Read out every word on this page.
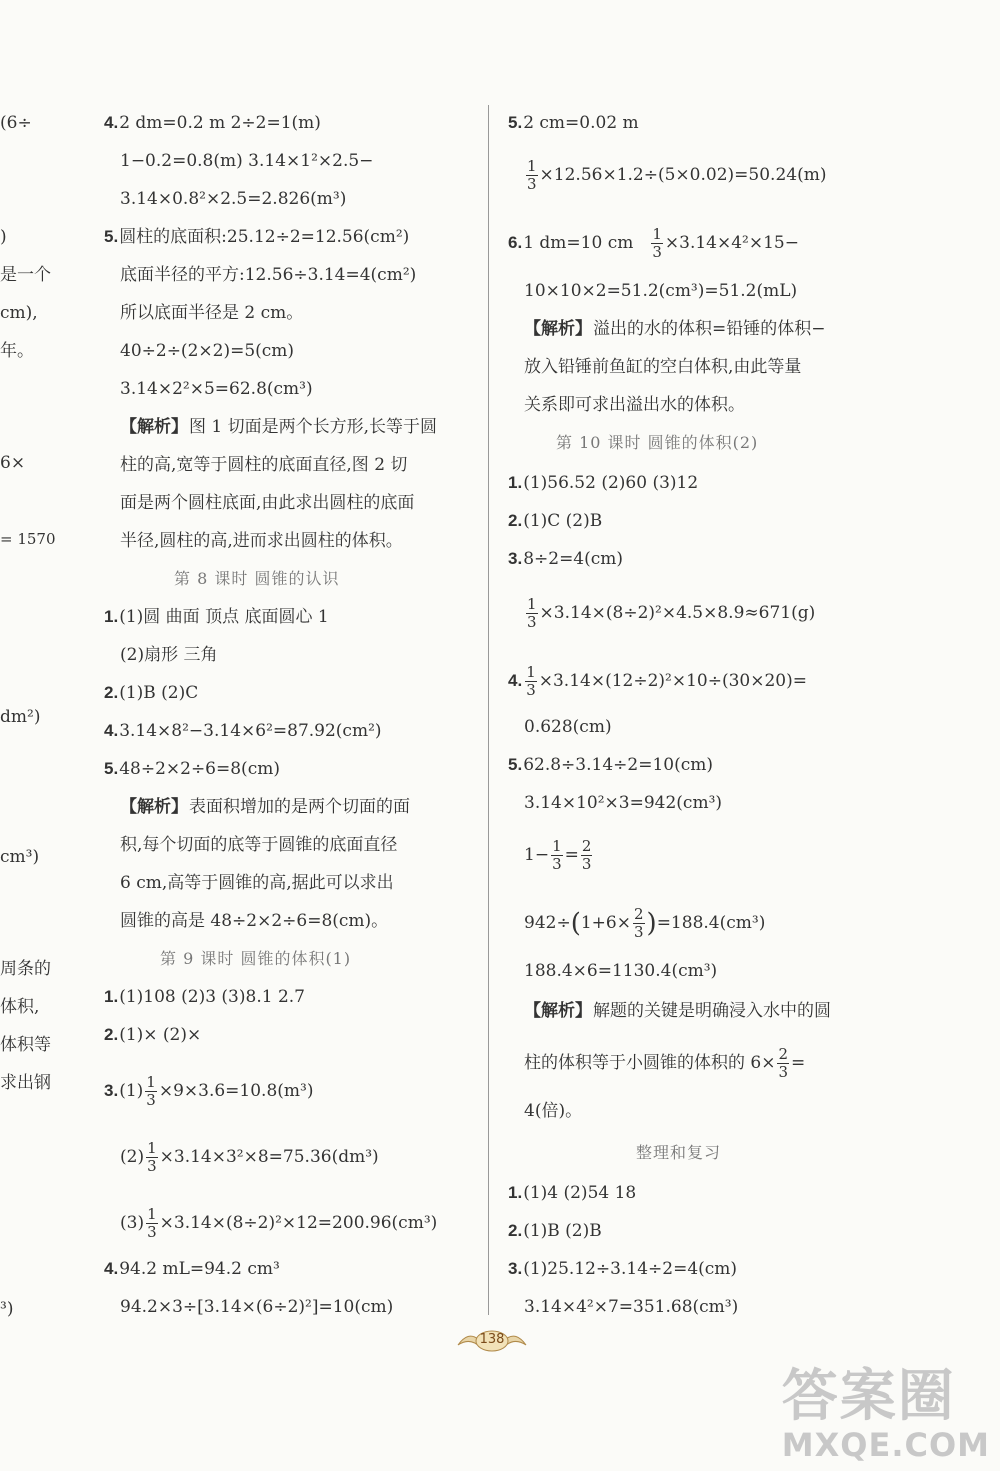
(6÷
)
是一个
cm),
年。
6×
= 1570
dm²)
cm³)
周条的
体积,
体积等
求出钢
³)
4.2 dm=0.2 m 2÷2=1(m)
1−0.2=0.8(m) 3.14×1²×2.5−
3.14×0.8²×2.5=2.826(m³)
5.圆柱的底面积:25.12÷2=12.56(cm²)
底面半径的平方:12.56÷3.14=4(cm²)
所以底面半径是 2 cm。
40÷2÷(2×2)=5(cm)
3.14×2²×5=62.8(cm³)
【解析】图 1 切面是两个长方形,长等于圆
柱的高,宽等于圆柱的底面直径,图 2 切
面是两个圆柱底面,由此求出圆柱的底面
半径,圆柱的高,进而求出圆柱的体积。
第 8 课时 圆锥的认识
1.(1)圆 曲面 顶点 底面圆心 1
(2)扇形 三角
2.(1)B (2)C
4.3.14×8²−3.14×6²=87.92(cm²)
5.48÷2×2÷6=8(cm)
【解析】表面积增加的是两个切面的面
积,每个切面的底等于圆锥的底面直径
6 cm,高等于圆锥的高,据此可以求出
圆锥的高是 48÷2×2÷6=8(cm)。
第 9 课时 圆锥的体积(1)
1.(1)108 (2)3 (3)8.1 2.7
2.(1)× (2)×
$3.(1) \frac{1}{3} \times 9\times 3.6=10.8(m^3)$
$(2) \frac{1}{3} \times 3.14\times 3^2\times 8=75.36(dm^3)$
$(3) \frac{1}{3} \times 3.14\times(8\div 2)^2\times 12=200.96(cm^3)$
4.94.2 mL=94.2 cm³
94.2×3÷[3.14×(6÷2)²]=10(cm)
5.2 cm=0.02 m
$\frac{1}{3} \times 12.56\times 1.2\div(5\times 0.02)=50.24(m)$
6.1 dm=10 cm $\frac{1}{3} \times 3.14\times 4^2\times 15-$
10×10×2=51.2(cm³)=51.2(mL)
【解析】溢出的水的体积=铅锤的体积−
放入铅锤前鱼缸的空白体积,由此等量
关系即可求出溢出水的体积。
第 10 课时 圆锥的体积(2)
1.(1)56.52 (2)60 (3)12
2.(1)C (2)B
3.8÷2=4(cm)
$\frac{1}{3} \times 3.14\times(8\div 2)^2\times 4.5\times 8.9\approx 671(g)$
4. $\frac{1}{3} \times 3.14\times(12\div 2)^2\times 10\div(30\times 20)=$
0.628(cm)
5.62.8÷3.14÷2=10(cm)
3.14×10²×3=942(cm³)
$1- \frac{1}{3} = \frac{2}{3}$
$942\div(1+6\times \frac{2}{3} )=188.4(cm^3)$
188.4×6=1130.4(cm³)
【解析】解题的关键是明确浸入水中的圆
柱的体积等于小圆锥的体积的 $6\times \frac{2}{3}$ =
4(倍)。
整理和复习
1.(1)4 (2)54 18
2.(1)B (2)B
3.(1)25.12÷3.14÷2=4(cm)
3.14×4²×7=351.68(cm³)
138
答案圈
MXQE.COM
